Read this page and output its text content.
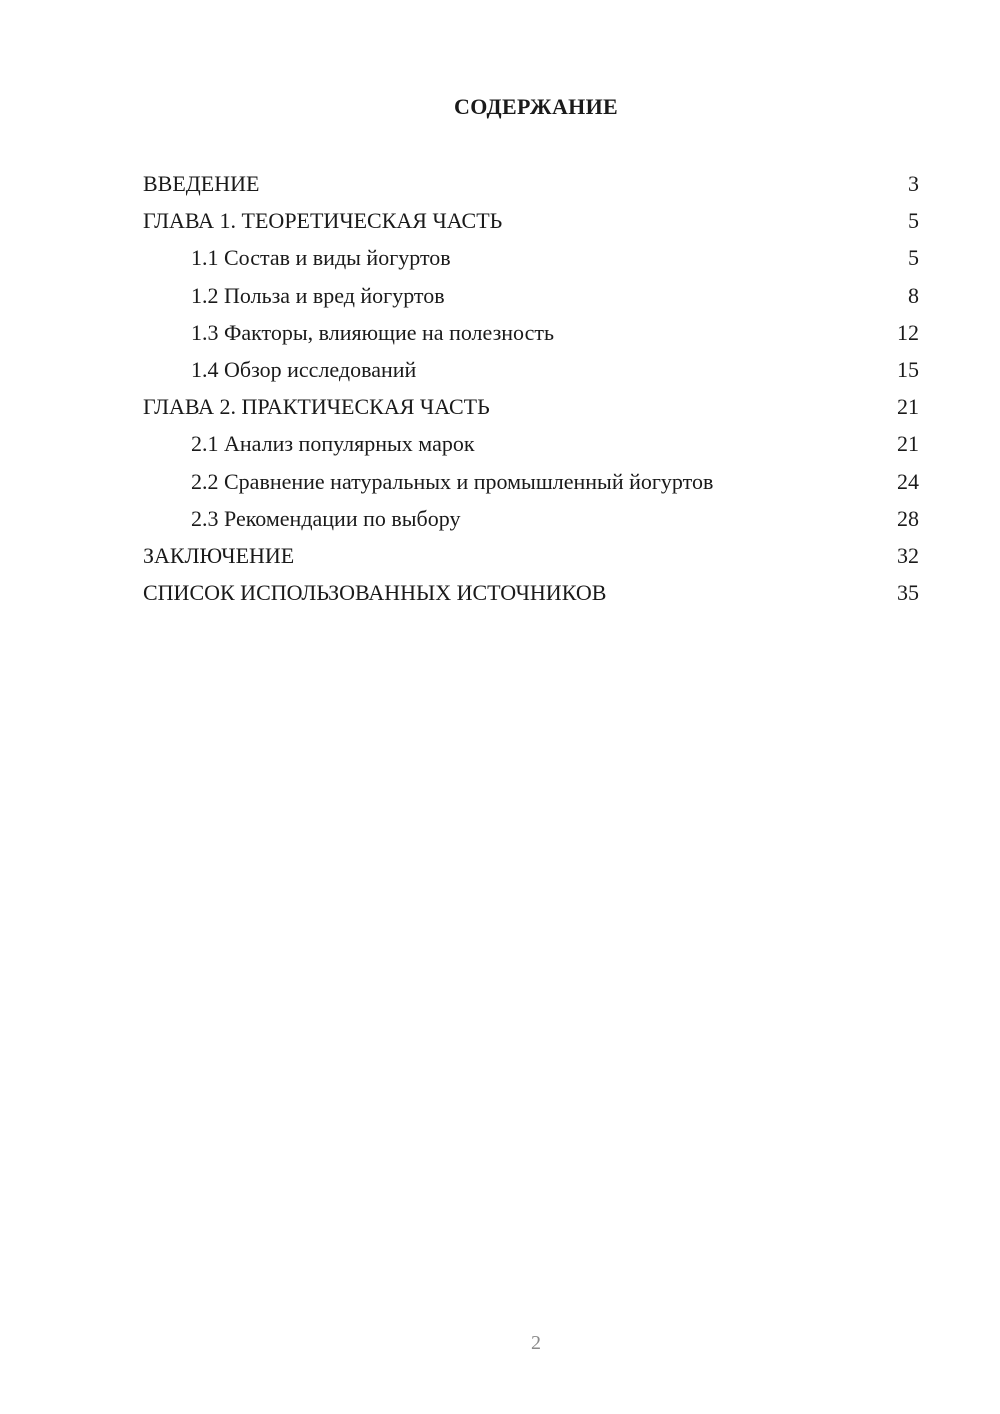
СОДЕРЖАНИЕ
ВВЕДЕНИЕ	3
ГЛАВА 1. ТЕОРЕТИЧЕСКАЯ ЧАСТЬ	5
1.1 Состав и виды йогуртов	5
1.2 Польза и вред йогуртов	8
1.3 Факторы, влияющие на полезность	12
1.4 Обзор исследований	15
ГЛАВА 2. ПРАКТИЧЕСКАЯ ЧАСТЬ	21
2.1 Анализ популярных марок	21
2.2 Сравнение натуральных и промышленный йогуртов	24
2.3 Рекомендации по выбору	28
ЗАКЛЮЧЕНИЕ	32
СПИСОК ИСПОЛЬЗОВАННЫХ ИСТОЧНИКОВ	35
2
